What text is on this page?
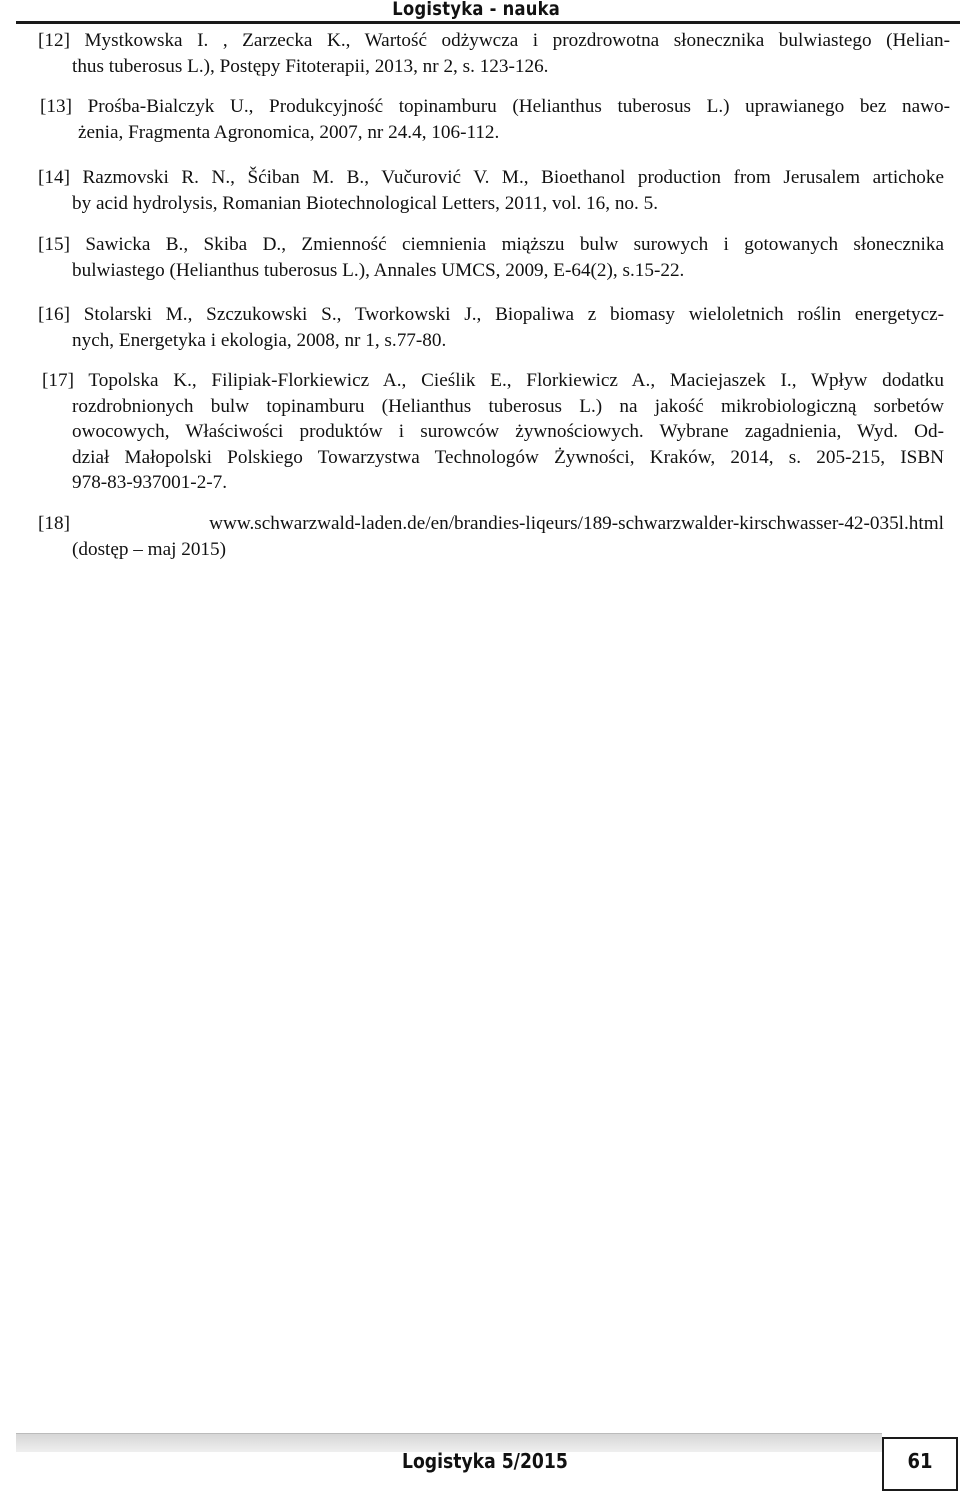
Logistyka - nauka
[12] Mystkowska I. , Zarzecka K., Wartość odżywcza i prozdrowotna słonecznika bulwiastego (Helian-
thus tuberosus L.), Postępy Fitoterapii, 2013, nr 2, s. 123-126.
[13] Prośba-Bialczyk U., Produkcyjność topinamburu (Helianthus tuberosus L.) uprawianego bez nawo-
żenia, Fragmenta Agronomica, 2007, nr 24.4, 106-112.
[14] Razmovski R. N., Šćiban M. B., Vučurović V. M., Bioethanol production from Jerusalem artichoke
by acid hydrolysis, Romanian Biotechnological Letters, 2011, vol. 16, no. 5.
[15] Sawicka B., Skiba D., Zmienność ciemnienia miąższu bulw surowych i gotowanych słonecznika
bulwiastego (Helianthus tuberosus L.), Annales UMCS, 2009, E-64(2), s.15-22.
[16] Stolarski M., Szczukowski S., Tworkowski J., Biopaliwa z biomasy wieloletnich roślin energetycz-
nych, Energetyka i ekologia, 2008, nr 1, s.77-80.
[17] Topolska K., Filipiak-Florkiewicz A., Cieślik E., Florkiewicz A., Maciejaszek I., Wpływ dodatku
rozdrobnionych bulw topinamburu (Helianthus tuberosus L.) na jakość mikrobiologiczną sorbetów
owocowych, Właściwości produktów i surowców żywnościowych. Wybrane zagadnienia, Wyd. Od-
dział Małopolski Polskiego Towarzystwa Technologów Żywności, Kraków, 2014, s. 205-215, ISBN
978-83-937001-2-7.
[18] www.schwarzwald-laden.de/en/brandies-liqeurs/189-schwarzwalder-kirschwasser-42-035l.html
(dostęp – maj 2015)
Logistyka 5/2015	61
